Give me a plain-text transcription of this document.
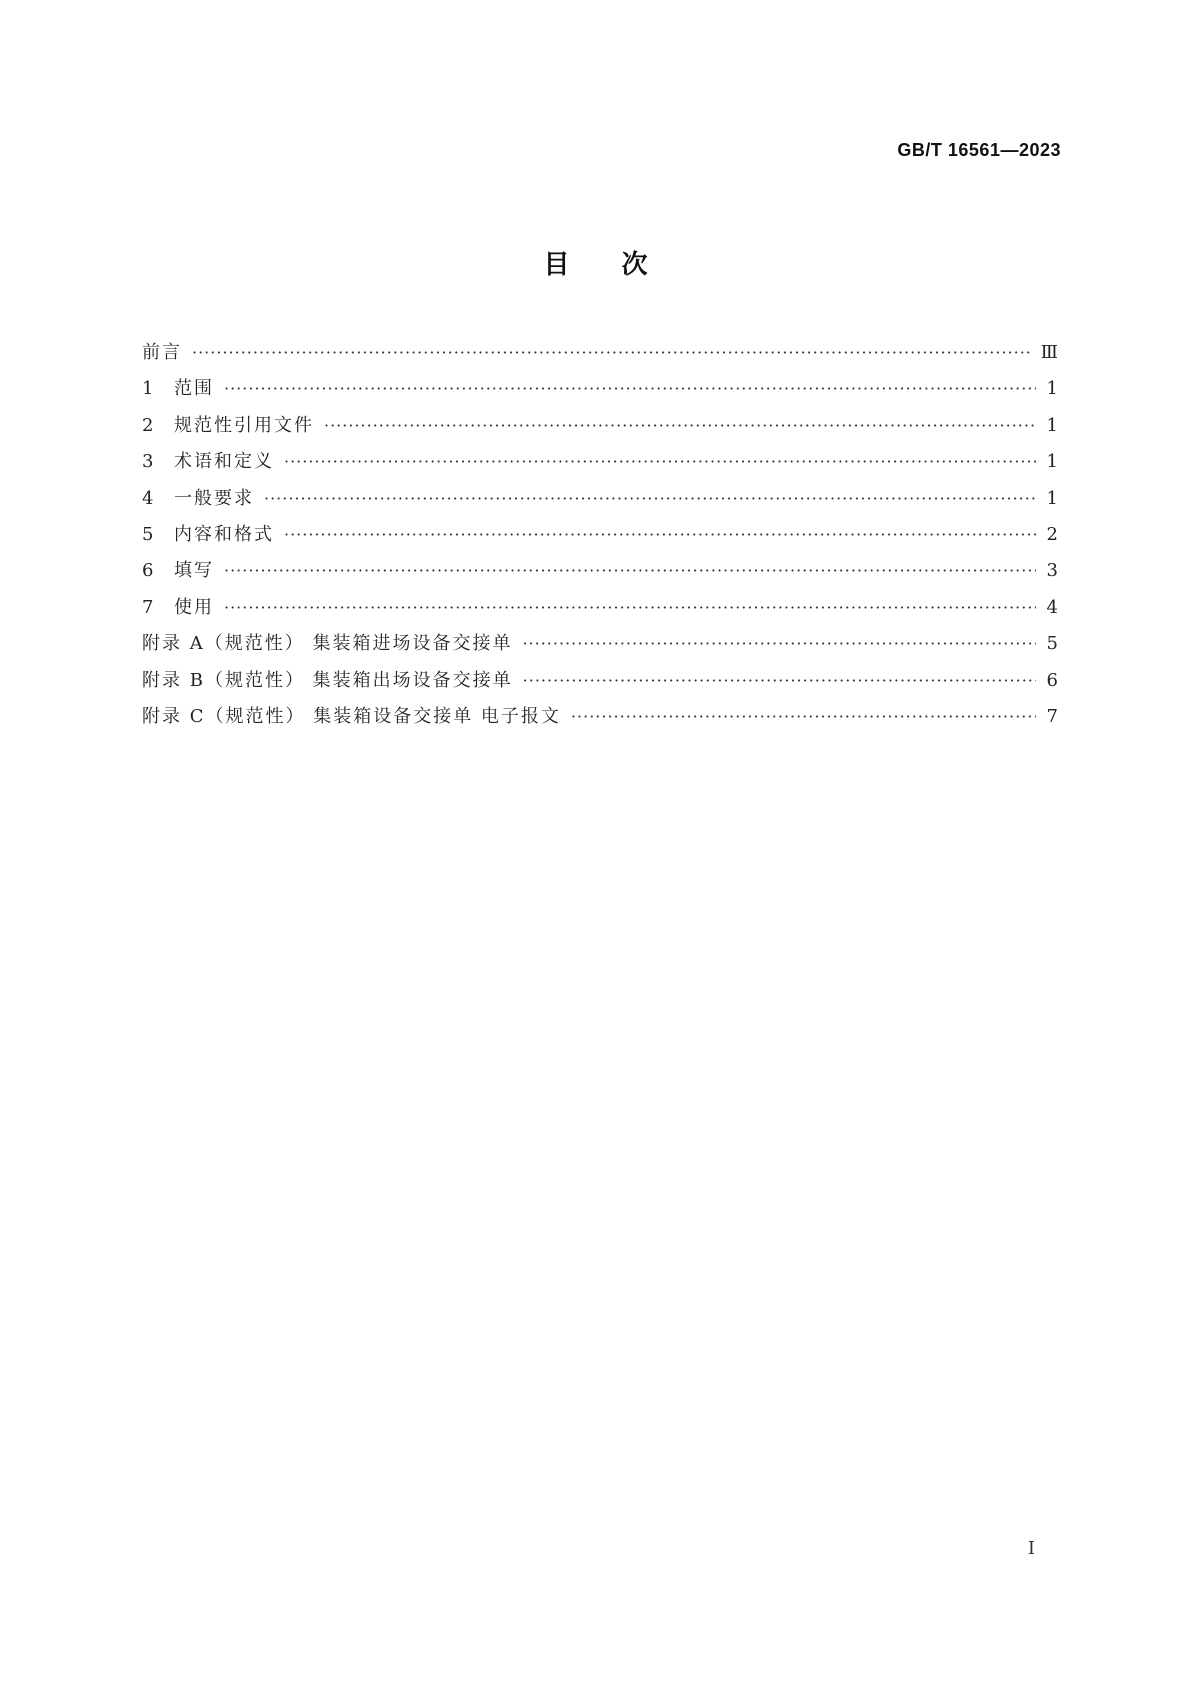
GB/T 16561—2023
目次
前言 ·····	Ⅲ
1	范围 ·····	1
2	规范性引用文件 ·····	1
3	术语和定义 ·····	1
4	一般要求 ·····	1
5	内容和格式 ·····	2
6	填写 ·····	3
7	使用 ·····	4
附录 A（规范性） 集装箱进场设备交接单 ·····	5
附录 B（规范性） 集装箱出场设备交接单 ·····	6
附录 C（规范性） 集装箱设备交接单 电子报文 ·····	7
I
